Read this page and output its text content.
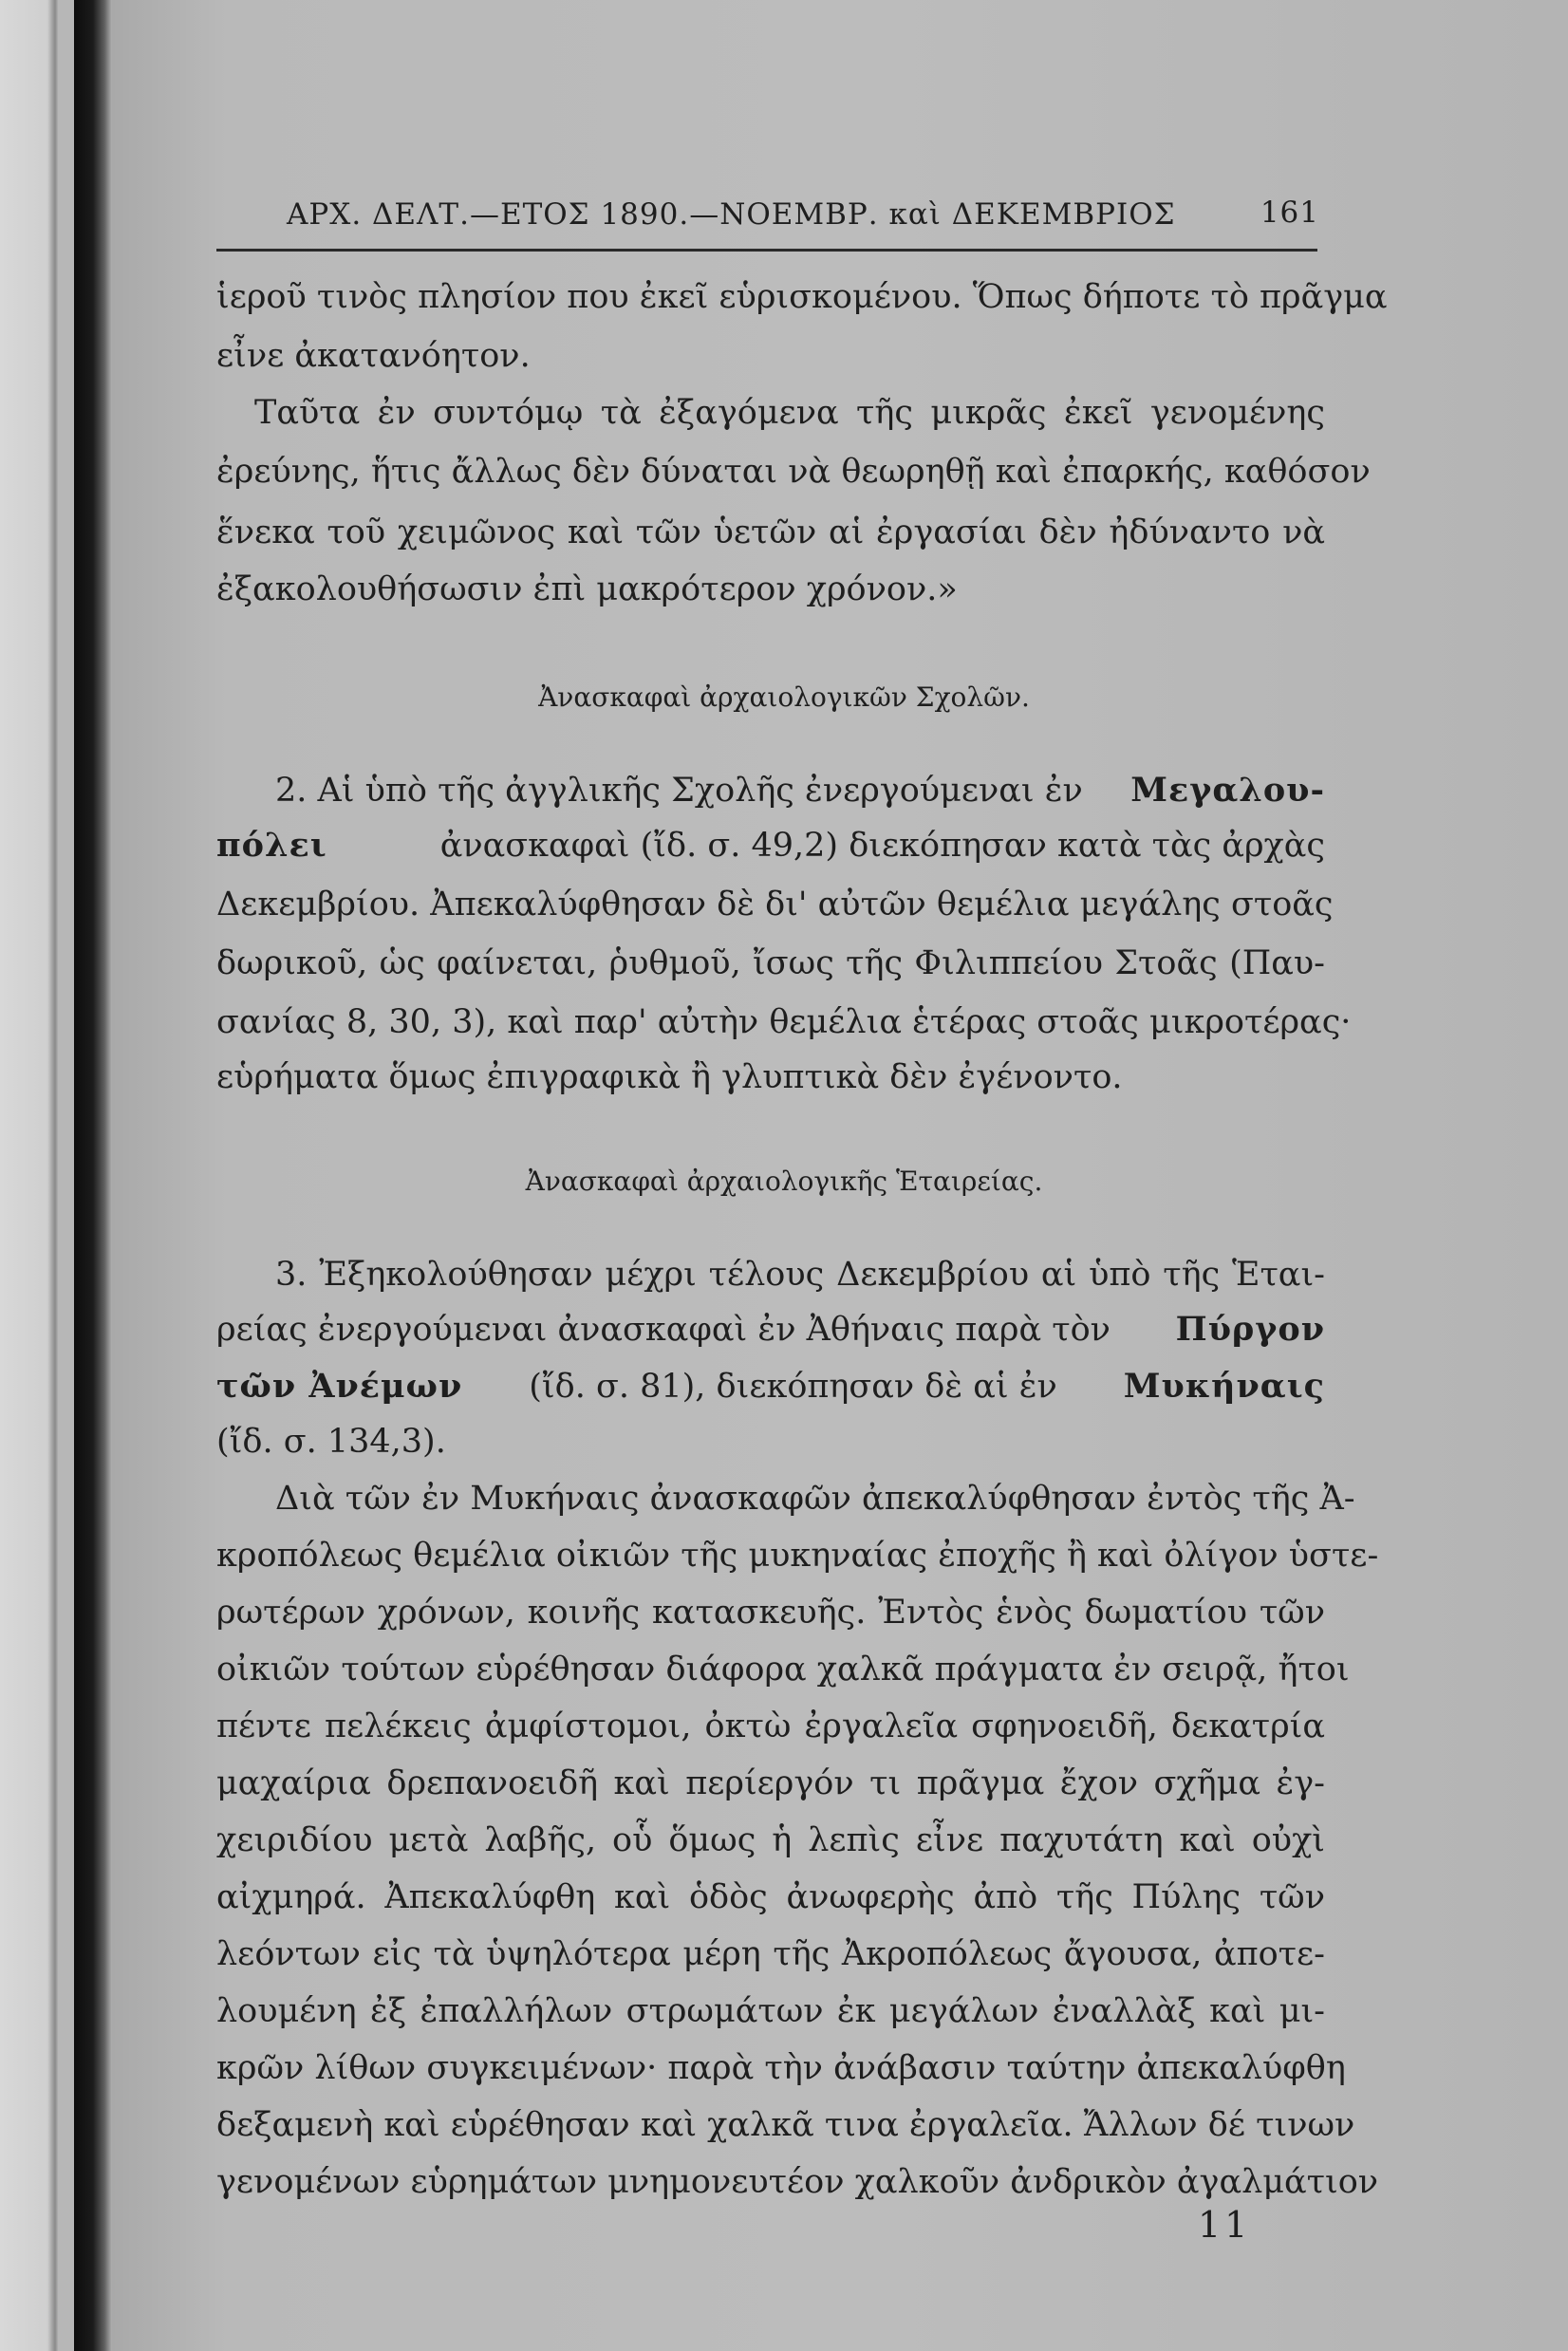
ΑΡΧ. ΔΕΛΤ.—ΕΤΟΣ 1890.—ΝΟΕΜΒΡ. καὶ ΔΕΚΕΜΒΡΙΟΣ	161
ἱεροῦ τινὸς πλησίον που ἐκεῖ εὑρισκομένου. Ὅπως δήποτε τὸ πρᾶγμα
εἶνε ἀκατανόητον.
Ταῦτα ἐν συντόμῳ τὰ ἐξαγόμενα τῆς μικρᾶς ἐκεῖ γενομένης
ἐρεύνης, ἥτις ἄλλως δὲν δύναται νὰ θεωρηθῇ καὶ ἐπαρκής, καθόσον
ἕνεκα τοῦ χειμῶνος καὶ τῶν ὑετῶν αἱ ἐργασίαι δὲν ἠδύναντο νὰ
ἐξακολουθήσωσιν ἐπὶ μακρότερον χρόνον.»
Ἀνασκαφαὶ ἀρχαιολογικῶν Σχολῶν.
2. Αἱ ὑπὸ τῆς ἀγγλικῆς Σχολῆς ἐνεργούμεναι ἐν Μεγαλου-
πόλει	ἀνασκαφαὶ (ἴδ. σ. 49,2) διεκόπησαν κατὰ τὰς ἀρχὰς
Δεκεμβρίου. Ἀπεκαλύφθησαν δὲ δι' αὐτῶν θεμέλια μεγάλης στοᾶς
δωρικοῦ, ὡς φαίνεται, ῥυθμοῦ, ἴσως τῆς Φιλιππείου Στοᾶς (Παυ-
σανίας 8, 30, 3), καὶ παρ' αὐτὴν θεμέλια ἑτέρας στοᾶς μικροτέρας·
εὑρήματα ὅμως ἐπιγραφικὰ ἢ γλυπτικὰ δὲν ἐγένοντο.
Ἀνασκαφαὶ ἀρχαιολογικῆς Ἑταιρείας.
3. Ἐξηκολούθησαν μέχρι τέλους Δεκεμβρίου αἱ ὑπὸ τῆς Ἑται-
ρείας ἐνεργούμεναι ἀνασκαφαὶ ἐν Ἀθήναις παρὰ τὸν Πύργον
τῶν Ἀνέμων (ἴδ. σ. 81), διεκόπησαν δὲ αἱ ἐν Μυκήναις
(ἴδ. σ. 134,3).
Διὰ τῶν ἐν Μυκήναις ἀνασκαφῶν ἀπεκαλύφθησαν ἐντὸς τῆς Ἀ-
κροπόλεως θεμέλια οἰκιῶν τῆς μυκηναίας ἐποχῆς ἢ καὶ ὀλίγον ὑστε-
ρωτέρων χρόνων, κοινῆς κατασκευῆς. Ἐντὸς ἑνὸς δωματίου τῶν
οἰκιῶν τούτων εὑρέθησαν διάφορα χαλκᾶ πράγματα ἐν σειρᾷ, ἤτοι
πέντε πελέκεις ἀμφίστομοι, ὀκτὼ ἐργαλεῖα σφηνοειδῆ, δεκατρία
μαχαίρια δρεπανοειδῆ καὶ περίεργόν τι πρᾶγμα ἔχον σχῆμα ἐγ-
χειριδίου μετὰ λαβῆς, οὗ ὅμως ἡ λεπὶς εἶνε παχυτάτη καὶ οὐχὶ
αἰχμηρά. Ἀπεκαλύφθη καὶ ὁδὸς ἀνωφερὴς ἀπὸ τῆς Πύλης τῶν
λεόντων εἰς τὰ ὑψηλότερα μέρη τῆς Ἀκροπόλεως ἄγουσα, ἀποτε-
λουμένη ἐξ ἐπαλλήλων στρωμάτων ἐκ μεγάλων ἐναλλὰξ καὶ μι-
κρῶν λίθων συγκειμένων· παρὰ τὴν ἀνάβασιν ταύτην ἀπεκαλύφθη
δεξαμενὴ καὶ εὑρέθησαν καὶ χαλκᾶ τινα ἐργαλεῖα. Ἄλλων δέ τινων
γενομένων εὑρημάτων μνημονευτέον χαλκοῦν ἀνδρικὸν ἀγαλμάτιον
11
